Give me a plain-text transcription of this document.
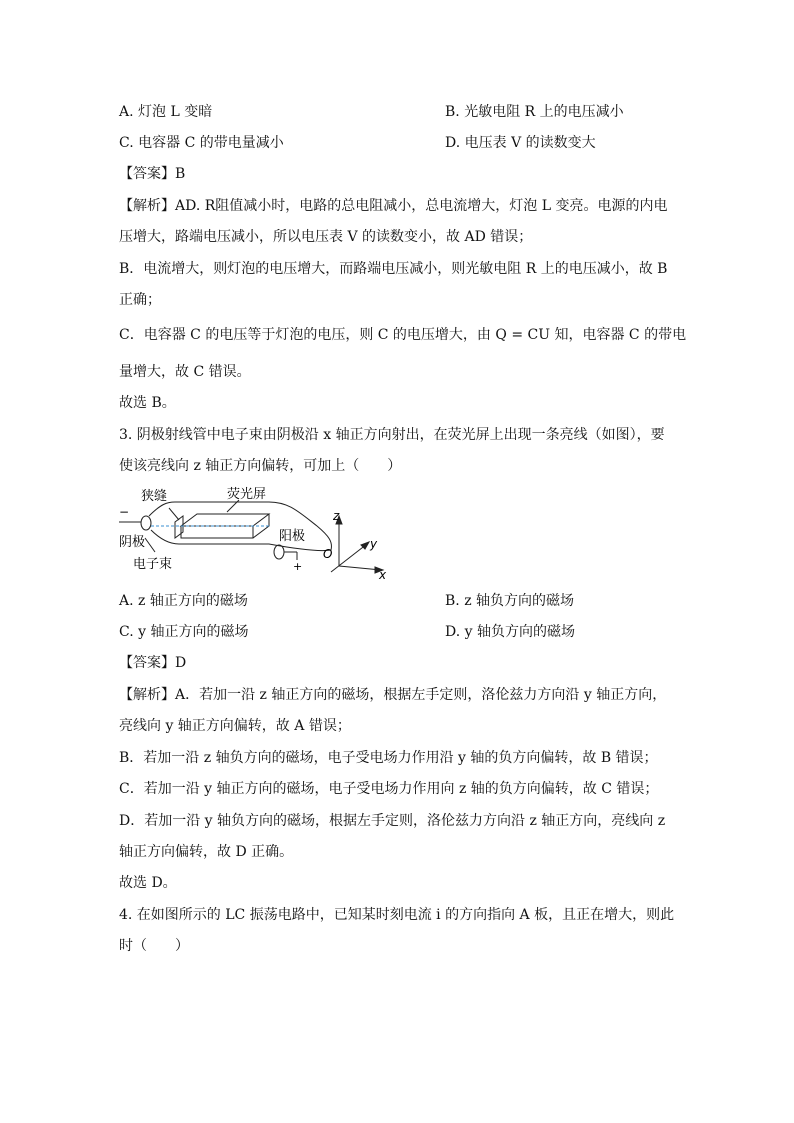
A. 灯泡 L 变暗	B. 光敏电阻 R 上的电压减小
C. 电容器 C 的带电量减小	D. 电压表 V 的读数变大
【答案】B
【解析】AD. R阻值减小时，电路的总电阻减小，总电流增大，灯泡 L 变亮。电源的内电
压增大，路端电压减小，所以电压表 V 的读数变小，故 AD 错误；
B．电流增大，则灯泡的电压增大，而路端电压减小，则光敏电阻 R 上的电压减小，故 B
正确；
C．电容器 C 的电压等于灯泡的电压，则 C 的电压增大，由 Q = CU 知，电容器 C 的带电
量增大，故 C 错误。
故选 B。
3. 阴极射线管中电子束由阴极沿 x 轴正方向射出，在荧光屏上出现一条亮线（如图），要
使该亮线向 z 轴正方向偏转，可加上（　　）
−
狭缝	荧光屏
阴极	阳极
电子束	+
z
y
x
O
A. z 轴正方向的磁场	B. z 轴负方向的磁场
C. y 轴正方向的磁场	D. y 轴负方向的磁场
【答案】D
【解析】A．若加一沿 z 轴正方向的磁场，根据左手定则，洛伦兹力方向沿 y 轴正方向，
亮线向 y 轴正方向偏转，故 A 错误；
B．若加一沿 z 轴负方向的磁场，电子受电场力作用沿 y 轴的负方向偏转，故 B 错误；
C．若加一沿 y 轴正方向的磁场，电子受电场力作用向 z 轴的负方向偏转，故 C 错误；
D．若加一沿 y 轴负方向的磁场，根据左手定则，洛伦兹力方向沿 z 轴正方向，亮线向 z
轴正方向偏转，故 D 正确。
故选 D。
4. 在如图所示的 LC 振荡电路中，已知某时刻电流 i 的方向指向 A 板，且正在增大，则此
时（　　）
